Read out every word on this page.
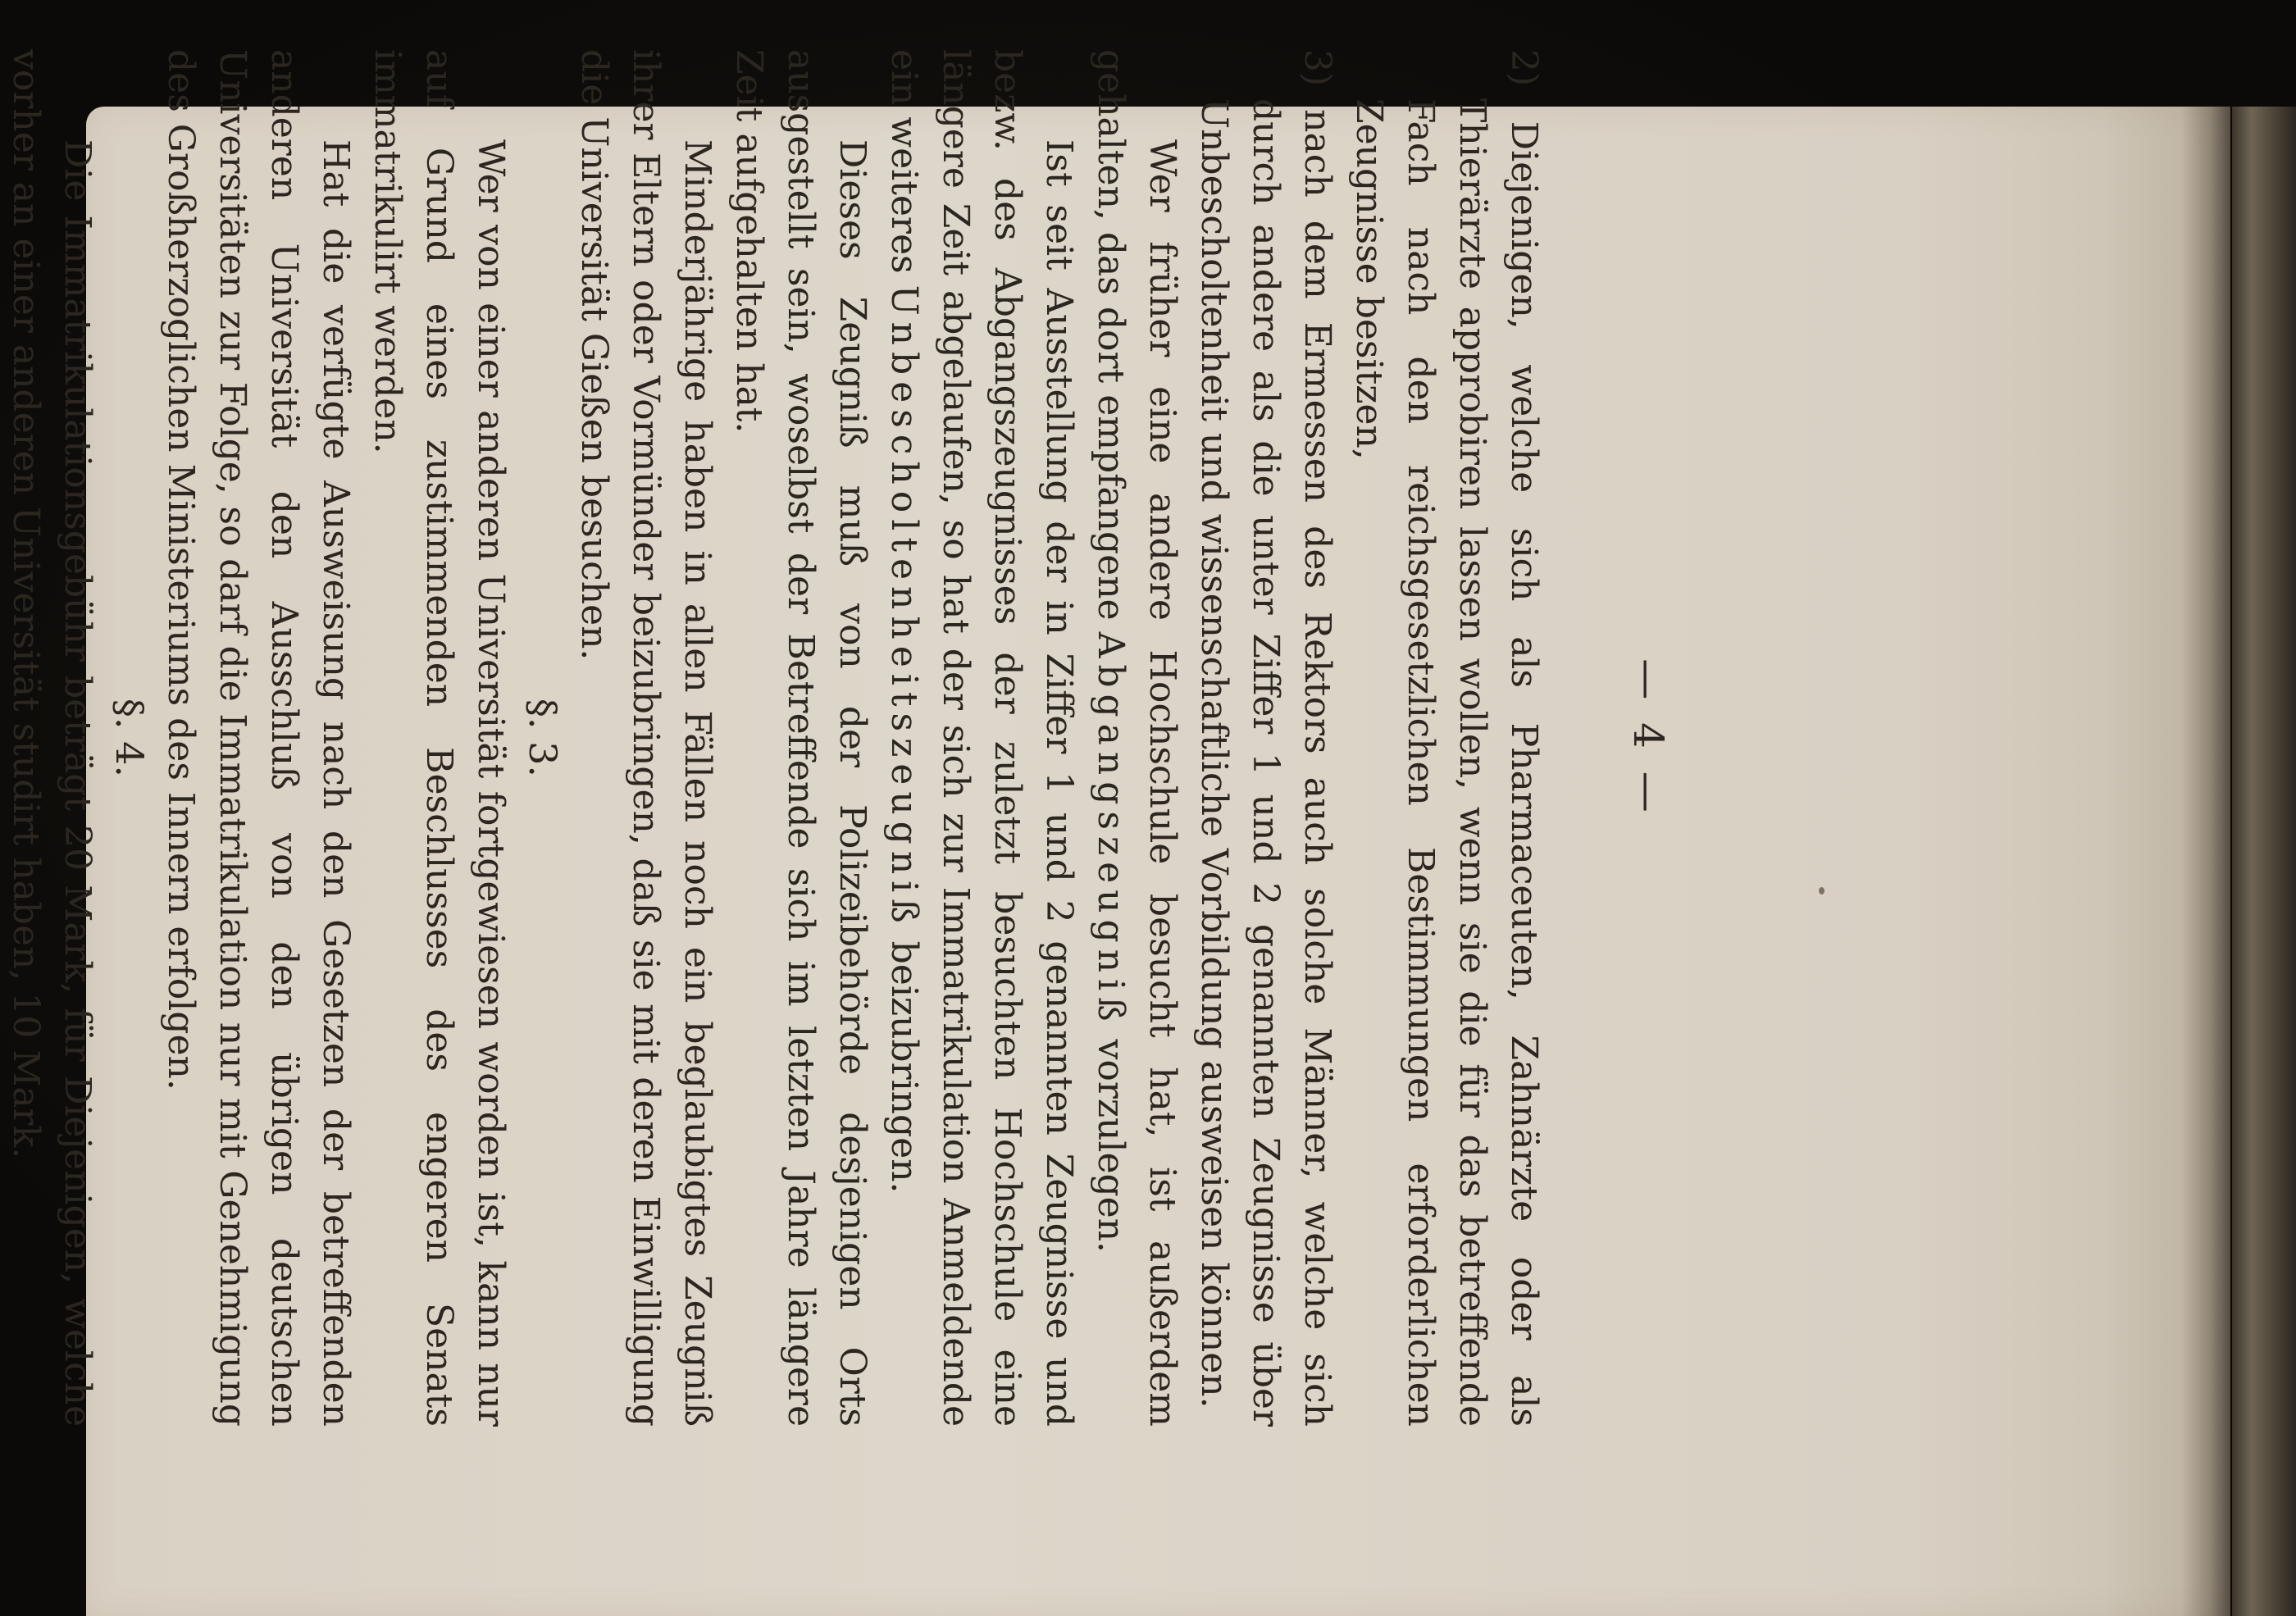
— 4 —

2) Diejenigen, welche sich als Pharmaceuten, Zahnärzte oder als Thierärzte approbiren lassen wollen, wenn sie die für das betreffende Fach nach den reichsgesetzlichen Bestimmungen erforderlichen Zeugnisse besitzen,

3) nach dem Ermessen des Rektors auch solche Männer, welche sich durch andere als die unter Ziffer 1 und 2 genannten Zeugnisse über Unbescholtenheit und wissenschaftliche Vorbildung ausweisen können.

Wer früher eine andere Hochschule besucht hat, ist außerdem gehalten, das dort empfangene Abgangszeugniß vorzulegen.

Ist seit Ausstellung der in Ziffer 1 und 2 genannten Zeugnisse und bezw. des Abgangszeugnisses der zuletzt besuchten Hochschule eine längere Zeit abgelaufen, so hat der sich zur Immatrikulation Anmeldende ein weiteres Unbescholtenheitszeugniß beizubringen.

Dieses Zeugniß muß von der Polizeibehörde desjenigen Orts ausgestellt sein, woselbst der Betreffende sich im letzten Jahre längere Zeit aufgehalten hat.

Minderjährige haben in allen Fällen noch ein beglaubigtes Zeugniß ihrer Eltern oder Vormünder beizubringen, daß sie mit deren Einwilligung die Universität Gießen besuchen.

§. 3.

Wer von einer anderen Universität fortgewiesen worden ist, kann nur auf Grund eines zustimmenden Beschlusses des engeren Senats immatrikulirt werden.

Hat die verfügte Ausweisung nach den Gesetzen der betreffenden anderen Universität den Ausschluß von den übrigen deutschen Universitäten zur Folge, so darf die Immatrikulation nur mit Genehmigung des Großherzoglichen Ministeriums des Innern erfolgen.

§. 4.

Die Immatrikulationsgebühr beträgt 20 Mark, für Diejenigen, welche vorher an einer anderen Universität studirt haben, 10 Mark.
